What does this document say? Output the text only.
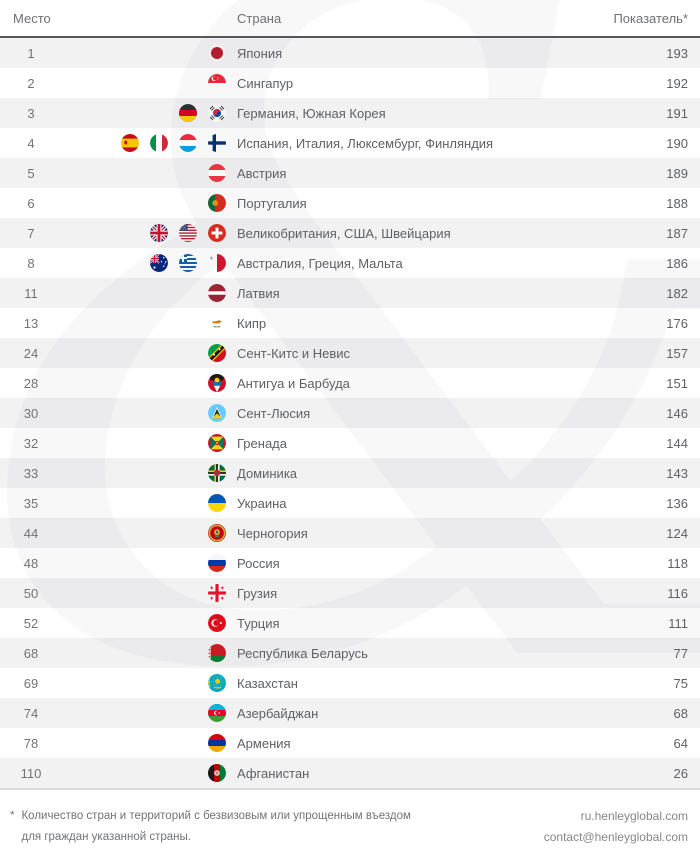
Место	Страна	Показатель*
1	Япония	193
2	Сингапур	192
3	Германия, Южная Корея	191
4	Испания, Италия, Люксембург, Финляндия	190
5	Австрия	189
6	Португалия	188
7	Великобритания, США, Швейцария	187
8	Австралия, Греция, Мальта	186
11	Латвия	182
13	Кипр	176
24	Сент-Китс и Невис	157
28	Антигуа и Барбуда	151
30	Сент-Люсия	146
32	Гренада	144
33	Доминика	143
35	Украина	136
44	Черногория	124
48	Россия	118
50	Грузия	116
52	Турция	111
68	Республика Беларусь	77
69	Казахстан	75
74	Азербайджан	68
78	Армения	64
110	Афганистан	26
* Количество стран и территорий с безвизовым или упрощенным въездом
для граждан указанной страны.
ru.henleyglobal.com
contact@henleyglobal.com
